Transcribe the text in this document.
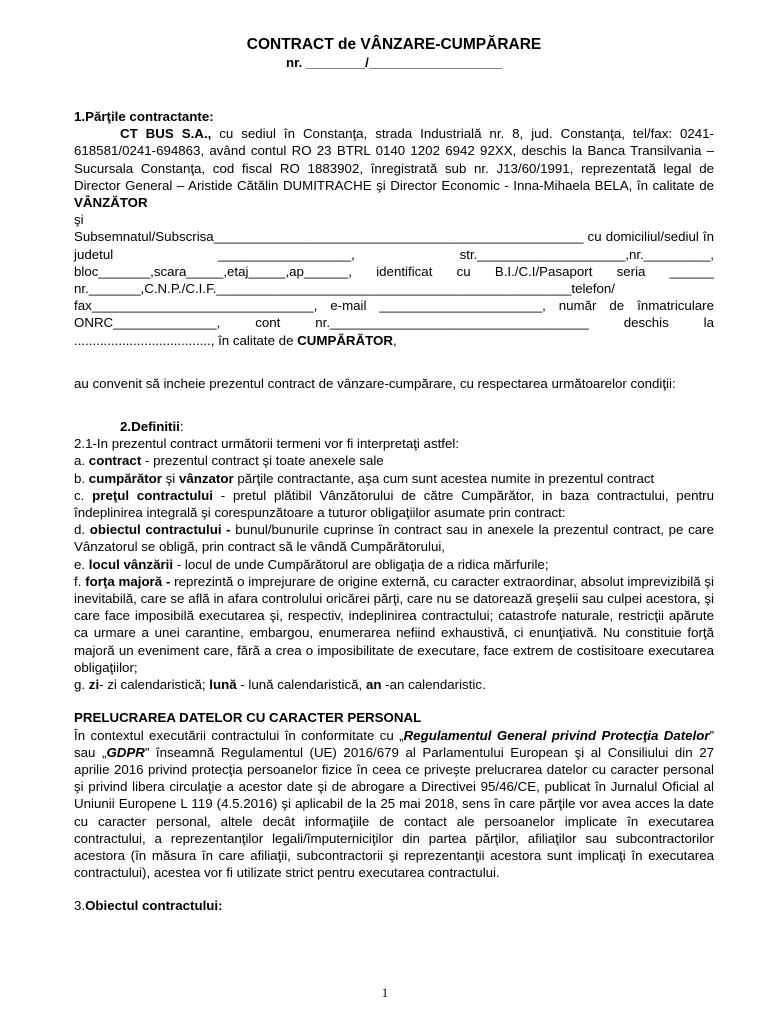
CONTRACT de VÂNZARE-CUMPĂRARE
nr. ________/__________________

1.Părţile contractante:

CT BUS S.A., cu sediul în Constanţa, strada Industrială nr. 8, jud. Constanţa, tel/fax: 0241-618581/0241-694863, având contul RO 23 BTRL 0140 1202 6942 92XX, deschis la Banca Transilvania – Sucursala Constanţa, cod fiscal RO 1883902, înregistrată sub nr. J13/60/1991, reprezentată legal de Director General – Aristide Cătălin DUMITRACHE şi Director Economic - Inna-Mihaela BELA, în calitate de VÂNZĂTOR

şi

Subsemnatul/Subscrisa__________________________________________________ cu domiciliul/sediul în judetul __________________, str.____________________,nr._________, bloc_______,scara_____,etaj_____,ap______, identificat cu B.I./C.I/Pasaport seria ______ nr._______,C.N.P./C.I.F.________________________________________________telefon/ fax______________________________, e-mail ______________________, număr de înmatriculare ONRC______________, cont nr.___________________________________ deschis la ....................................., în calitate de CUMPĂRĂTOR,

au convenit să incheie prezentul contract de vânzare-cumpărare, cu respectarea următoarelor condiţii:

2.Definitii:

2.1-In prezentul contract următorii termeni vor fi interpretaţi astfel:

a. contract - prezentul contract şi toate anexele sale

b. cumpărător şi vânzator părţile contractante, aşa cum sunt acestea numite in prezentul contract

c. preţul contractului - pretul plătibil Vânzătorului de către Cumpărător, in baza contractului, pentru îndeplinirea integrală şi corespunzătoare a tuturor obligaţiilor asumate prin contract:

d. obiectul contractului - bunul/bunurile cuprinse în contract sau in anexele la prezentul contract, pe care Vânzatorul se obligă, prin contract să le vândă Cumpărătorului,

e. locul vânzării - locul de unde Cumpărătorul are obligaţia de a ridica mărfurile;

f. forţa majoră - reprezintă o imprejurare de origine externă, cu caracter extraordinar, absolut imprevizibilă şi inevitabilă, care se află in afara controlului oricărei părţi, care nu se datorează greşelii sau culpei acestora, şi care face imposibilă executarea şi, respectiv, indeplinirea contractului; catastrofe naturale, restricţii apărute ca urmare a unei carantine, embargou, enumerarea nefiind exhaustivă, ci enunţiativă. Nu constituie forţă majoră un eveniment care, fără a crea o imposibilitate de executare, face extrem de costisitoare executarea obligaţiilor;

g. zi- zi calendaristică; lună - lună calendaristică, an -an calendaristic.

PRELUCRAREA DATELOR CU CARACTER PERSONAL

În contextul executării contractului în conformitate cu „Regulamentul General privind Protecţia Datelor” sau „GDPR” înseamnă Regulamentul (UE) 2016/679 al Parlamentului European şi al Consiliului din 27 aprilie 2016 privind protecţia persoanelor fizice în ceea ce priveşte prelucrarea datelor cu caracter personal şi privind libera circulaţie a acestor date şi de abrogare a Directivei 95/46/CE, publicat în Jurnalul Oficial al Uniunii Europene L 119 (4.5.2016) şi aplicabil de la 25 mai 2018, sens în care părţile vor avea acces la date cu caracter personal, altele decât informaţiile de contact ale persoanelor implicate în executarea contractului, a reprezentanţilor legali/împuterniciţilor din partea părţilor, afiliaţilor sau subcontractorilor acestora (în măsura în care afiliaţii, subcontractorii şi reprezentanţii acestora sunt implicaţi în executarea contractului), acestea vor fi utilizate strict pentru executarea contractului.

3.Obiectul contractului:

1
